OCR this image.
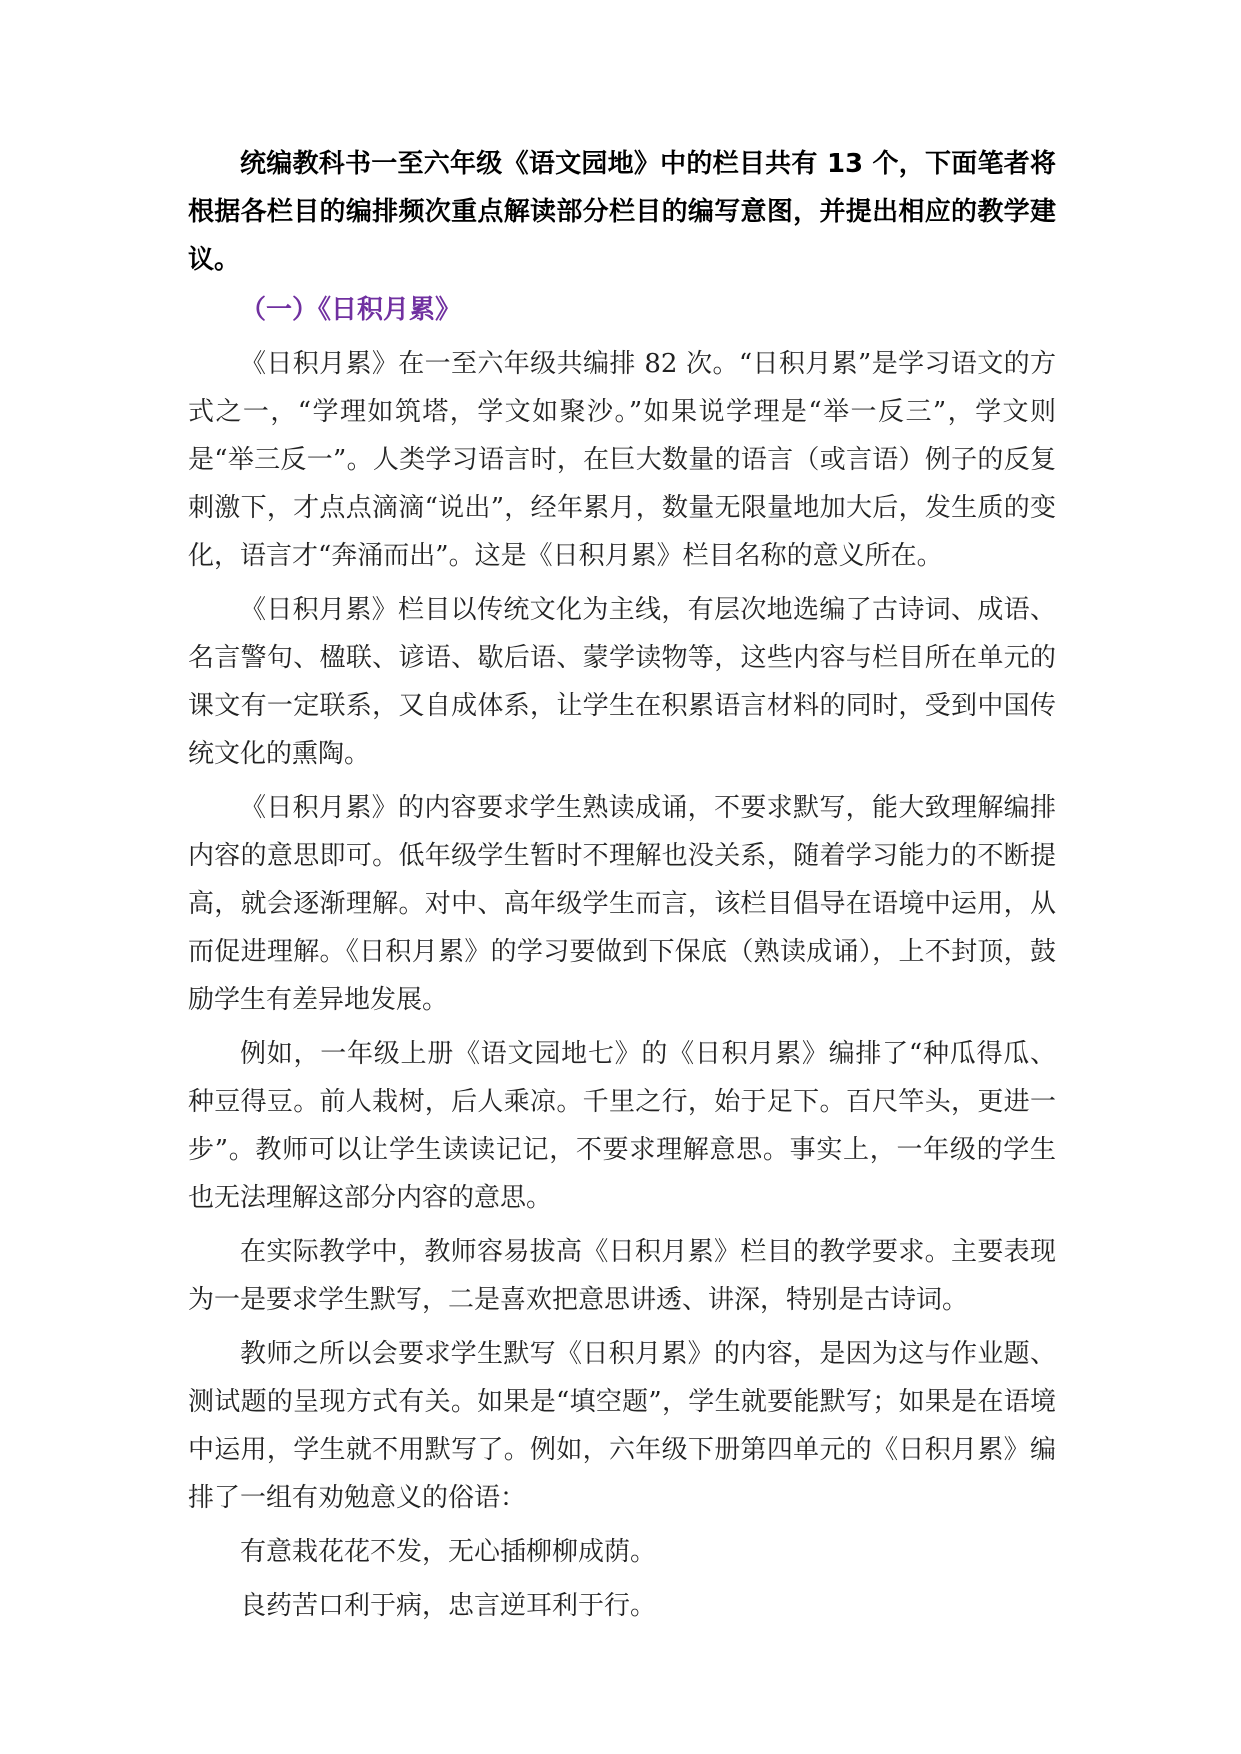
统编教科书一至六年级《语文园地》中的栏目共有 13 个，下面笔者将根据各栏目的编排频次重点解读部分栏目的编写意图，并提出相应的教学建议。

（一）《日积月累》

《日积月累》在一至六年级共编排 82 次。“日积月累”是学习语文的方式之一，“学理如筑塔，学文如聚沙。”如果说学理是“举一反三”，学文则是“举三反一”。人类学习语言时，在巨大数量的语言（或言语）例子的反复刺激下，才点点滴滴“说出”，经年累月，数量无限量地加大后，发生质的变化，语言才“奔涌而出”。这是《日积月累》栏目名称的意义所在。

《日积月累》栏目以传统文化为主线，有层次地选编了古诗词、成语、名言警句、楹联、谚语、歇后语、蒙学读物等，这些内容与栏目所在单元的课文有一定联系，又自成体系，让学生在积累语言材料的同时，受到中国传统文化的熏陶。

《日积月累》的内容要求学生熟读成诵，不要求默写，能大致理解编排内容的意思即可。低年级学生暂时不理解也没关系，随着学习能力的不断提高，就会逐渐理解。对中、高年级学生而言，该栏目倡导在语境中运用，从而促进理解。《日积月累》的学习要做到下保底（熟读成诵），上不封顶，鼓励学生有差异地发展。

例如，一年级上册《语文园地七》的《日积月累》编排了“种瓜得瓜、种豆得豆。前人栽树，后人乘凉。千里之行，始于足下。百尺竿头，更进一步”。教师可以让学生读读记记，不要求理解意思。事实上，一年级的学生也无法理解这部分内容的意思。

在实际教学中，教师容易拔高《日积月累》栏目的教学要求。主要表现为一是要求学生默写，二是喜欢把意思讲透、讲深，特别是古诗词。

教师之所以会要求学生默写《日积月累》的内容，是因为这与作业题、测试题的呈现方式有关。如果是“填空题”，学生就要能默写；如果是在语境中运用，学生就不用默写了。例如，六年级下册第四单元的《日积月累》编排了一组有劝勉意义的俗语：

有意栽花花不发，无心插柳柳成荫。

良药苦口利于病，忠言逆耳利于行。
